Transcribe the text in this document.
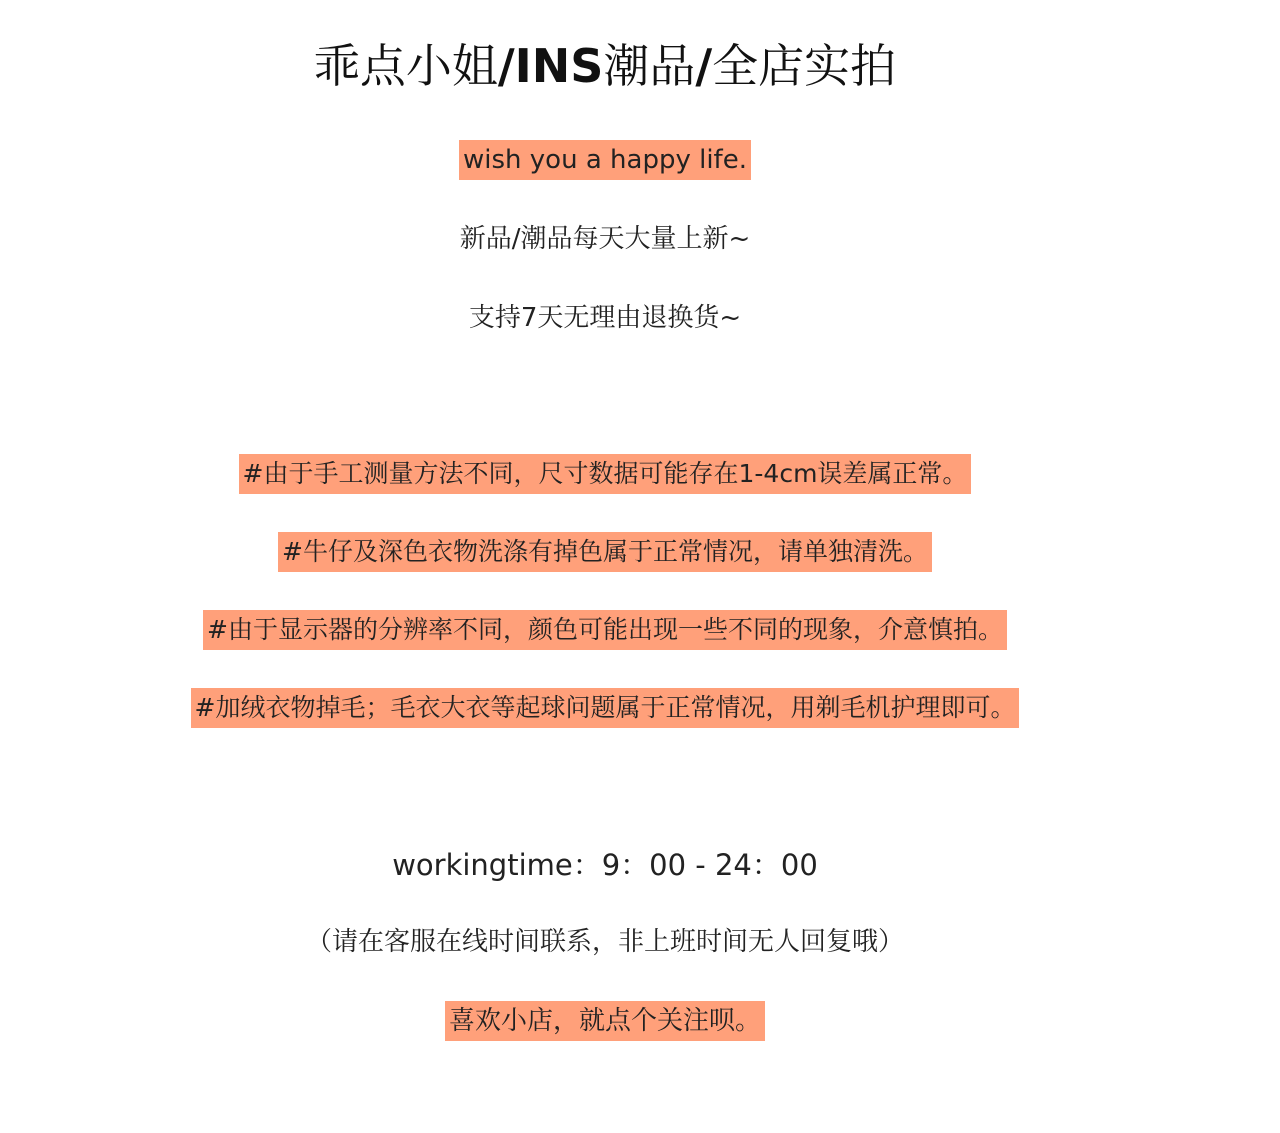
乖点小姐/INS潮品/全店实拍
wish you a happy life.
新品/潮品每天大量上新~
支持7天无理由退换货~
#由于手工测量方法不同，尺寸数据可能存在1-4cm误差属正常。
#牛仔及深色衣物洗涤有掉色属于正常情况，请单独清洗。
#由于显示器的分辨率不同，颜色可能出现一些不同的现象，介意慎拍。
#加绒衣物掉毛；毛衣大衣等起球问题属于正常情况，用剃毛机护理即可。
workingtime：9：00 - 24：00
（请在客服在线时间联系，非上班时间无人回复哦）
喜欢小店，就点个关注呗。
